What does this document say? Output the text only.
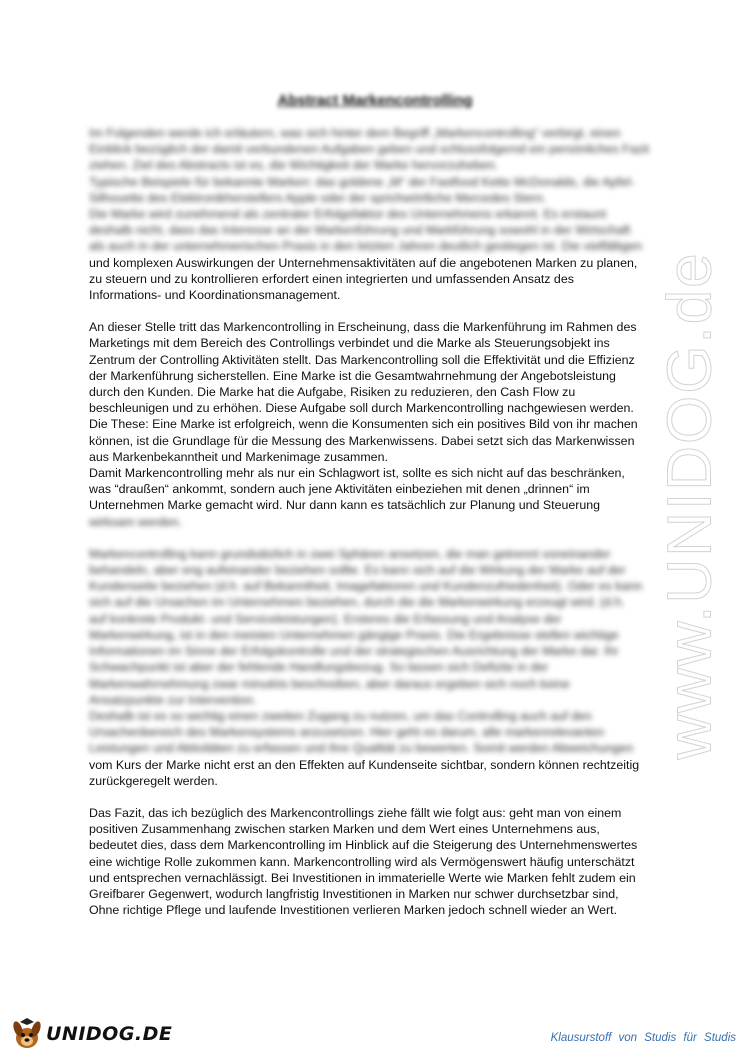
Abstract Markencontrolling

Im Folgenden werde ich erläutern, was sich hinter dem Begriff „Markencontrolling“ verbirgt, einen

Einblick bezüglich der damit verbundenen Aufgaben geben und schlussfolgernd ein persönliches Fazit

ziehen. Ziel des Abstracts ist es, die Wichtigkeit der Marke hervorzuheben.

Typische Beispiele für bekannte Marken: das goldene „M“ der Fastfood Kette McDonalds, die Apfel-

Silhouette des Elektronikherstellers Apple oder der sprichwörtliche Mercedes Stern.

Die Marke wird zunehmend als zentraler Erfolgsfaktor des Unternehmens erkannt. Es erstaunt

deshalb nicht, dass das Interesse an der Markenführung und Markführung sowohl in der Wirtschaft

als auch in der unternehmerischen Praxis in den letzten Jahren deutlich gestiegen ist. Die vielfältigen

und komplexen Auswirkungen der Unternehmensaktivitäten auf die angebotenen Marken zu planen,

zu steuern und zu kontrollieren erfordert einen integrierten und umfassenden Ansatz des

Informations- und Koordinationsmanagement.

An dieser Stelle tritt das Markencontrolling in Erscheinung, dass die Markenführung im Rahmen des

Marketings mit dem Bereich des Controllings verbindet und die Marke als Steuerungsobjekt ins

Zentrum der Controlling Aktivitäten stellt. Das Markencontrolling soll die Effektivität und die Effizienz

der Markenführung sicherstellen. Eine Marke ist die Gesamtwahrnehmung der Angebotsleistung

durch den Kunden. Die Marke hat die Aufgabe, Risiken zu reduzieren, den Cash Flow zu

beschleunigen und zu erhöhen. Diese Aufgabe soll durch Markencontrolling nachgewiesen werden.

Die These: Eine Marke ist erfolgreich, wenn die Konsumenten sich ein positives Bild von ihr machen

können, ist die Grundlage für die Messung des Markenwissens. Dabei setzt sich das Markenwissen

aus Markenbekanntheit und Markenimage zusammen.

Damit Markencontrolling mehr als nur ein Schlagwort ist, sollte es sich nicht auf das beschränken,

was “draußen“ ankommt, sondern auch jene Aktivitäten einbeziehen mit denen „drinnen“ im

Unternehmen Marke gemacht wird. Nur dann kann es tatsächlich zur Planung und Steuerung

wirksam werden.

Markencontrolling kann grundsätzlich in zwei Sphären ansetzen, die man getrennt voneinander

behandeln, aber eng aufeinander beziehen sollte. Es kann sich auf die Wirkung der Marke auf der

Kundenseite beziehen (d.h. auf Bekanntheit, Imagefaktoren und Kundenzufriedenheit). Oder es kann

sich auf die Ursachen im Unternehmen beziehen, durch die die Markenwirkung erzeugt wird. (d.h.

auf konkrete Produkt- und Serviceleistungen). Ersteres die Erfassung und Analyse der

Markenwirkung, ist in den meisten Unternehmen gängige Praxis. Die Ergebnisse stellen wichtige

Informationen im Sinne der Erfolgskontrolle und der strategischen Ausrichtung der Marke dar. Ihr

Schwachpunkt ist aber der fehlende Handlungsbezug. So lassen sich Defizite in der

Markenwahrnehmung zwar minutiös beschreiben, aber daraus ergeben sich noch keine

Ansatzpunkte zur Intervention.

Deshalb ist es so wichtig einen zweiten Zugang zu nutzen, um das Controlling auch auf den

Ursachenbereich des Markensystems anzusetzen. Hier geht es darum, alle markenrelevanten

Leistungen und Aktivitäten zu erfassen und ihre Qualität zu bewerten. Somit werden Abweichungen

vom Kurs der Marke nicht erst an den Effekten auf Kundenseite sichtbar, sondern können rechtzeitig

zurückgeregelt werden.

Das Fazit, das ich bezüglich des Markencontrollings ziehe fällt wie folgt aus: geht man von einem

positiven Zusammenhang zwischen starken Marken und dem Wert eines Unternehmens aus,

bedeutet dies, dass dem Markencontrolling im Hinblick auf die Steigerung des Unternehmenswertes

eine wichtige Rolle zukommen kann. Markencontrolling wird als Vermögenswert häufig unterschätzt

und entsprechen vernachlässigt. Bei Investitionen in immaterielle Werte wie Marken fehlt zudem ein

Greifbarer Gegenwert, wodurch langfristig Investitionen in Marken nur schwer durchsetzbar sind,

Ohne richtige Pflege und laufende Investitionen verlieren Marken jedoch schnell wieder an Wert.

www.UNIDOG.de
UNIDOG.DE	Klausurstoff von Studis für Studis
